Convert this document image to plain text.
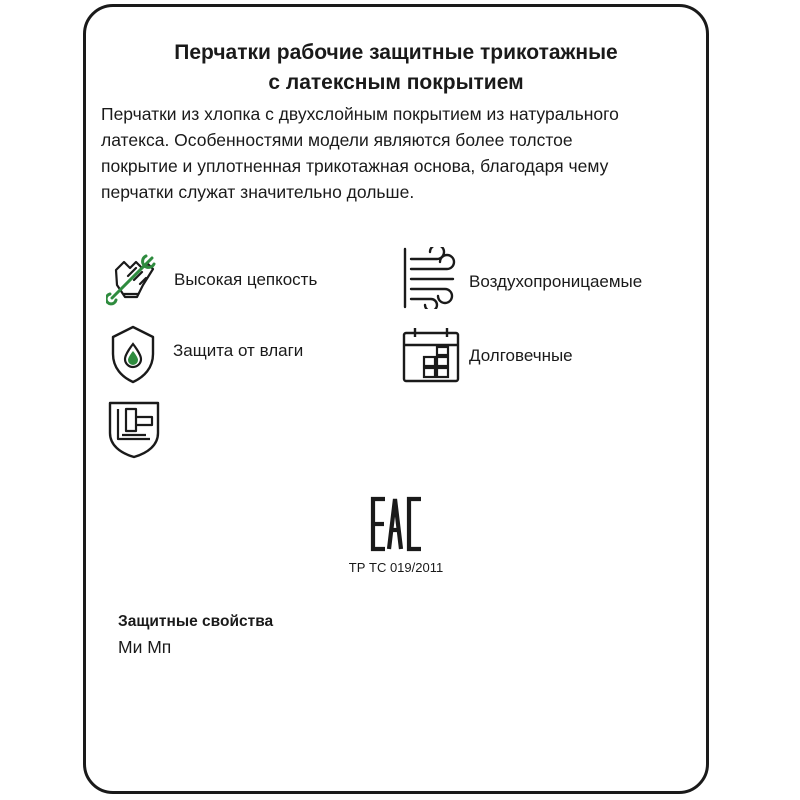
Перчатки рабочие защитные трикотажные
с латексным покрытием
Перчатки из хлопка с двухслойным покрытием из натурального
латекса. Особенностями модели являются более толстое
покрытие и уплотненная трикотажная основа, благодаря чему
перчатки служат значительно дольше.
Высокая цепкость	Воздухопроницаемые
Защита от влаги	Долговечные
ТР ТС 019/2011
Защитные свойства
Ми Мп
